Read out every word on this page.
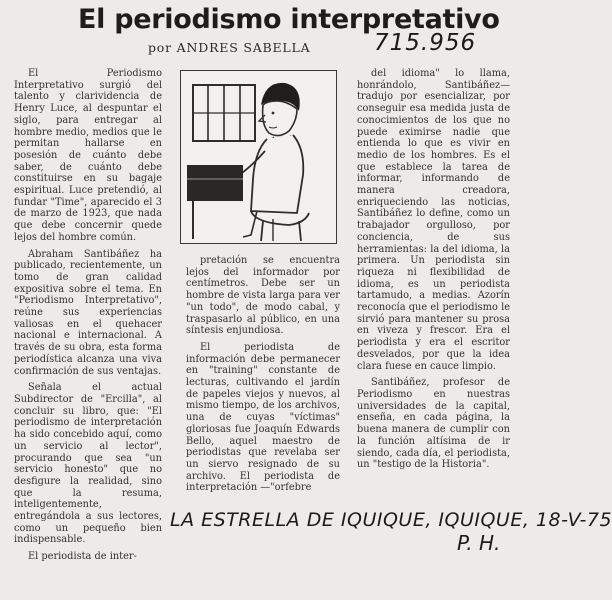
El periodismo interpretativo
por ANDRES SABELLA	715.956

El Periodismo Interpretativo surgió del talento y clarividencia de Henry Luce, al despuntar el siglo, para entregar al hombre medio, medios que le permitan hallarse en posesión de cuánto debe saber, de cuánto debe constituirse en su bagaje espiritual. Luce pretendió, al fundar "Time", aparecido el 3 de marzo de 1923, que nada que debe concernir quede lejos del hombre común.

Abraham Santibáñez ha publicado, recientemente, un tomo de gran calidad expositiva sobre el tema. En "Periodismo Interpretativo", reúne sus experiencias valiosas en el quehacer nacional e internacional. A través de su obra, esta forma periodística alcanza una viva confirmación de sus ventajas.

Señala el actual Subdirector de "Ercilla", al concluir su libro, que: "El periodismo de interpretación ha sido concebido aquí, como un servicio al lector", procurando que sea "un servicio honesto" que no desfigure la realidad, sino que la resuma, inteligentemente, entregándola a sus lectores, como un pequeño bien indispensable.

El periodista de inter-

pretación se encuentra lejos del informador por centímetros. Debe ser un hombre de vista larga para ver "un todo", de modo cabal, y traspasarlo al público, en una síntesis enjundiosa.

El periodista de información debe permanecer en "training" constante de lecturas, cultivando el jardín de papeles viejos y nuevos, al mismo tiempo, de los archivos, una de cuyas "víctimas" gloriosas fue Joaquín Edwards Bello, aquel maestro de periodistas que revelaba ser un siervo resignado de su archivo. El periodista de interpretación —"orfebre

del idioma" lo llama, honrándolo, Santibáñez— tradujo por esencializar, por conseguir esa medida justa de conocimientos de los que no puede eximirse nadie que entienda lo que es vivir en medio de los hombres. Es el que establece la tarea de informar, informando de manera creadora, enriqueciendo las noticias, Santibáñez lo define, como un trabajador orgulloso, por conciencia, de sus herramientas: la del idioma, la primera. Un periodista sin riqueza ni flexibilidad de idioma, es un periodista tartamudo, a medias. Azorín reconocía que el periodismo le sirvió para mantener su prosa en viveza y frescor. Era el periodista y era el escritor desvelados, por que la idea clara fuese en cauce limpio.

Santibáñez, profesor de Periodismo en nuestras universidades de la capital, enseña, en cada página, la buena manera de cumplir con la función altísima de ir siendo, cada día, el periodista, un "testigo de la Historia".

LA ESTRELLA DE IQUIQUE, IQUIQUE, 18-V-75
P. H.
